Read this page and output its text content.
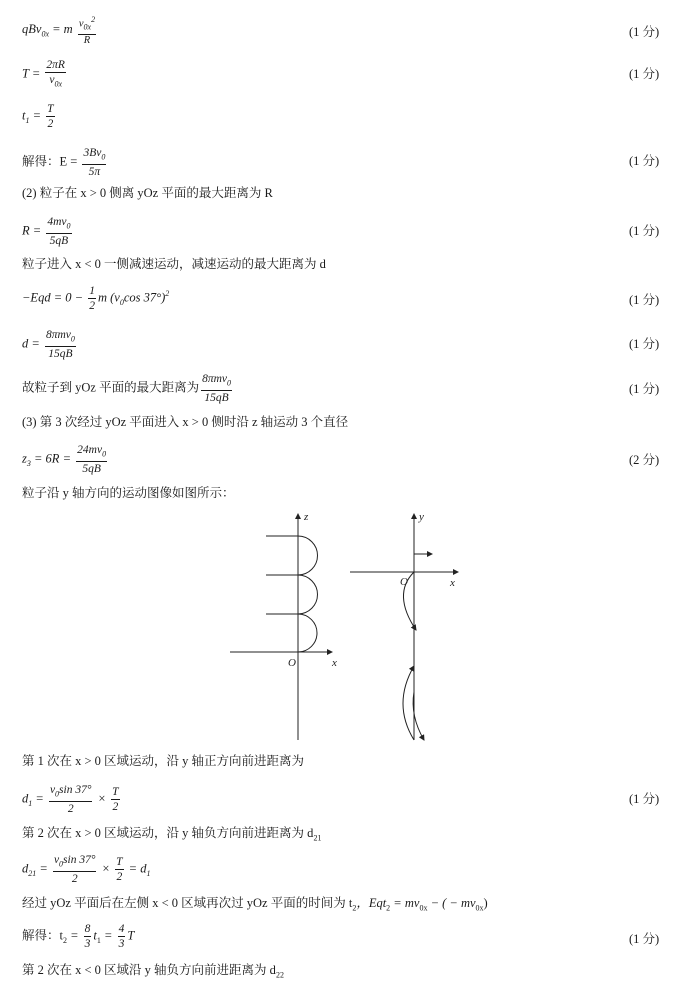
qBv$_{0x}$ = m $\frac{v_{0x}^2}{R}$	(1 分)
$T = \frac{2\pi R}{v_{0x}}$	(1 分)
$t_1 = \frac{T}{2}$
解得：$E = \frac{3Bv_0}{5\pi}$	(1 分)
(2) 粒子在 x > 0 侧离 yOz 平面的最大距离为 R
$R = \frac{4mv_0}{5qB}$	(1 分)
粒子进入 x < 0 一侧减速运动，减速运动的最大距离为 d
$-Eqd = 0 - \frac{1}{2}$ m ($v_0\cos$ 37°)$^2$	(1 分)
$d = \frac{8\pi mv_0}{15qB}$	(1 分)
故粒子到 yOz 平面的最大距离为 $\frac{8\pi mv_0}{15qB}$	(1 分)
(3) 第 3 次经过 yOz 平面进入 x > 0 侧时沿 z 轴运动 3 个直径
$z_3 = 6R = \frac{24mv_0}{5qB}$	(2 分)
粒子沿 y 轴方向的运动图像如图所示：
z
O	x
y
O	x
第 1 次在 x > 0 区域运动，沿 y 轴正方向前进距离为
$d_1 = \frac{v_0\sin 37^\circ}{2} \times \frac{T}{2}$	(1 分)
第 2 次在 x > 0 区域运动，沿 y 轴负方向前进距离为 $d_{21}$
$d_{21} = \frac{v_0\sin 37^\circ}{2} \times \frac{T}{2} = d_1$
经过 yOz 平面后在左侧 x < 0 区域再次过 yOz 平面的时间为 $t_2$，$Eqt_2 = mv_{0x}$ − ( − $mv_{0x}$)
解得：$t_2 = \frac{8}{3} t_1 = \frac{4}{3}$ T	(1 分)
第 2 次在 x < 0 区域沿 y 轴负方向前进距离为 $d_{22}$
